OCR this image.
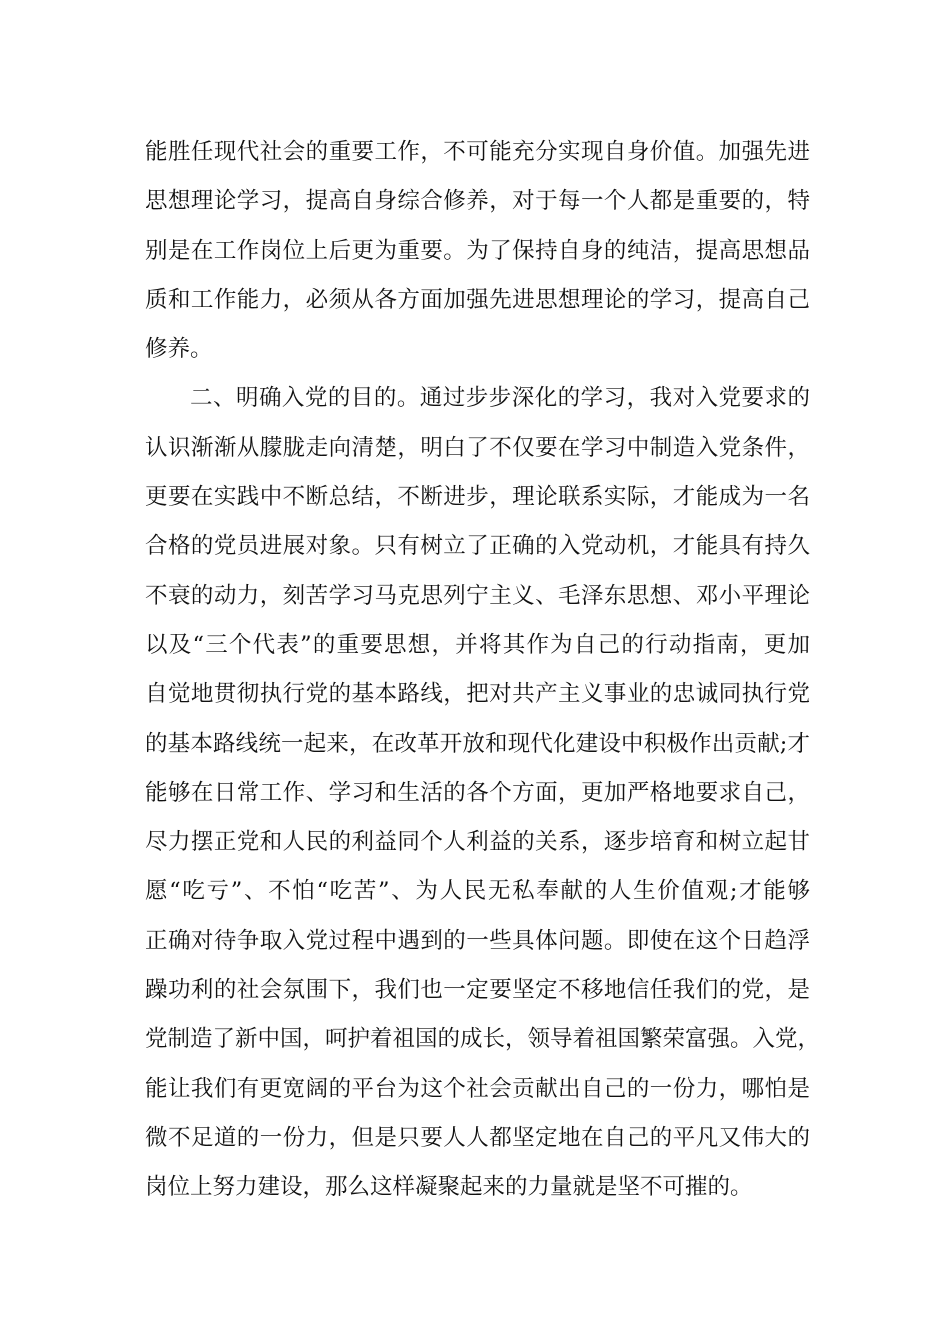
能胜任现代社会的重要工作，不可能充分实现自身价值。加强先进
思想理论学习，提高自身综合修养，对于每一个人都是重要的，特
别是在工作岗位上后更为重要。为了保持自身的纯洁，提高思想品
质和工作能力，必须从各方面加强先进思想理论的学习，提高自己
修养。
二、明确入党的目的。通过步步深化的学习，我对入党要求的
认识渐渐从朦胧走向清楚，明白了不仅要在学习中制造入党条件，
更要在实践中不断总结，不断进步，理论联系实际，才能成为一名
合格的党员进展对象。只有树立了正确的入党动机，才能具有持久
不衰的动力，刻苦学习马克思列宁主义、毛泽东思想、邓小平理论
以及“三个代表”的重要思想，并将其作为自己的行动指南，更加
自觉地贯彻执行党的基本路线，把对共产主义事业的忠诚同执行党
的基本路线统一起来，在改革开放和现代化建设中积极作出贡献;才
能够在日常工作、学习和生活的各个方面，更加严格地要求自己，
尽力摆正党和人民的利益同个人利益的关系，逐步培育和树立起甘
愿“吃亏”、不怕“吃苦”、为人民无私奉献的人生价值观;才能够
正确对待争取入党过程中遇到的一些具体问题。即使在这个日趋浮
躁功利的社会氛围下，我们也一定要坚定不移地信任我们的党，是
党制造了新中国，呵护着祖国的成长，领导着祖国繁荣富强。入党，
能让我们有更宽阔的平台为这个社会贡献出自己的一份力，哪怕是
微不足道的一份力，但是只要人人都坚定地在自己的平凡又伟大的
岗位上努力建设，那么这样凝聚起来的力量就是坚不可摧的。
